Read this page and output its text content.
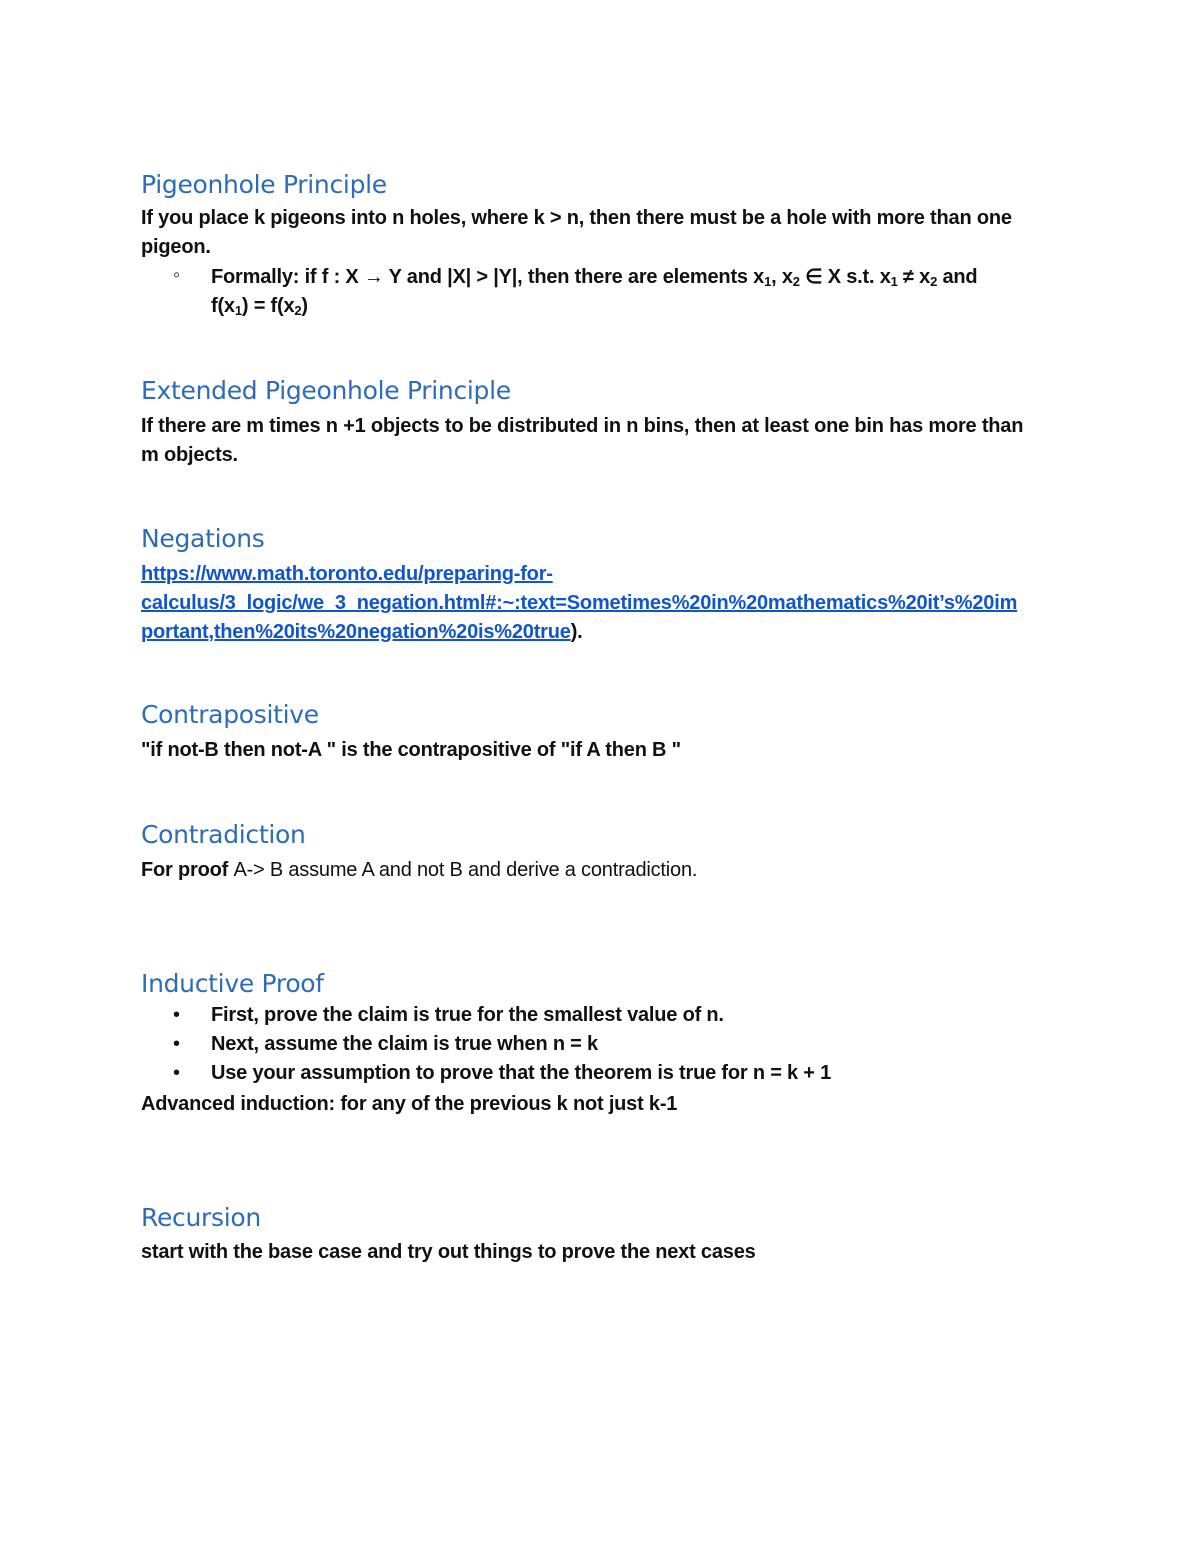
Pigeonhole Principle
If you place k pigeons into n holes, where k > n, then there must be a hole with more than one
pigeon.
◦ Formally: if f : X → Y and |X| > |Y|, then there are elements $x_1$, $x_2$ ∈ X s.t. $x_1 \ne x_2$ and
$f(x_1) = f(x_2)$
Extended Pigeonhole Principle
If there are m times n +1 objects to be distributed in n bins, then at least one bin has more than
m objects.
Negations
https://www.math.toronto.edu/preparing-for-
calculus/3_logic/we_3_negation.html#:~:text=Sometimes%20in%20mathematics%20it’s%20im
portant,then%20its%20negation%20is%20true).
Contrapositive
"if not-B then not-A " is the contrapositive of "if A then B "
Contradiction
For proof A-> B assume A and not B and derive a contradiction.
Inductive Proof
• First, prove the claim is true for the smallest value of n.
• Next, assume the claim is true when n = k
• Use your assumption to prove that the theorem is true for n = k + 1
Advanced induction: for any of the previous k not just k-1
Recursion
start with the base case and try out things to prove the next cases
